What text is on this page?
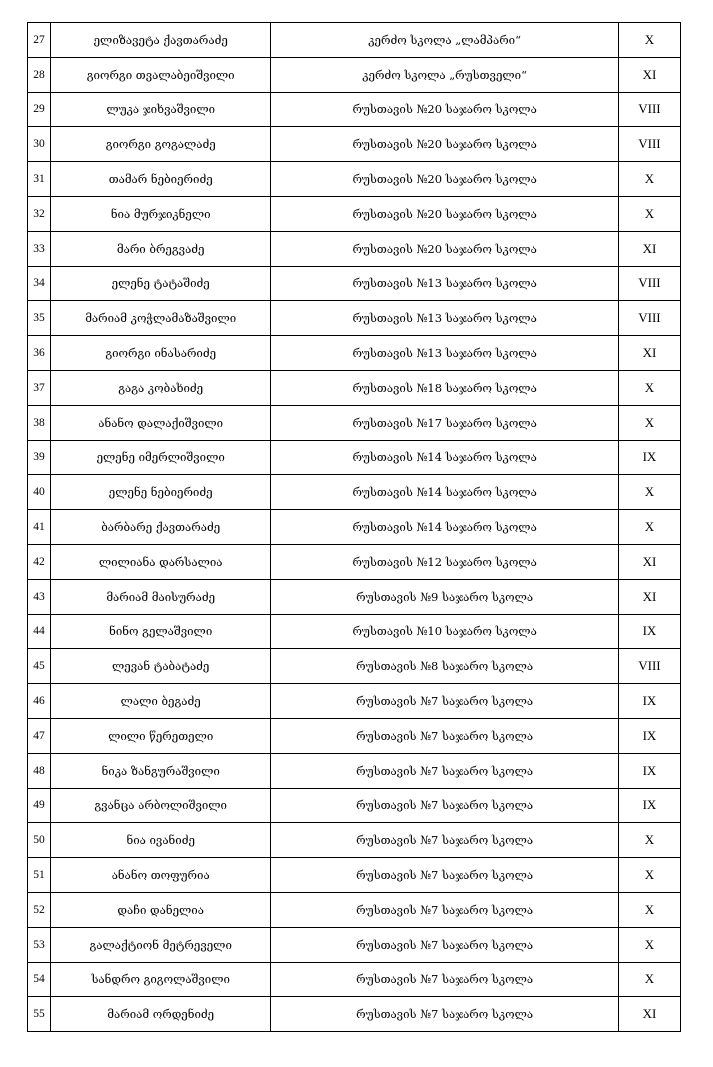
27	ელიზავეტა ქავთარაძე	კერძო სკოლა „ლამპარი“	X
28	გიორგი თვალაბეიშვილი	კერძო სკოლა „რუსთველი“	XI
29	ლუკა ჯიხვაშვილი	რუსთავის №20 საჯარო სკოლა	VIII
30	გიორგი გოგალაძე	რუსთავის №20 საჯარო სკოლა	VIII
31	თამარ ნებიერიძე	რუსთავის №20 საჯარო სკოლა	X
32	ნია მურჯიკნელი	რუსთავის №20 საჯარო სკოლა	X
33	მარი ბრეგვაძე	რუსთავის №20 საჯარო სკოლა	XI
34	ელენე ტატაშიძე	რუსთავის №13 საჯარო სკოლა	VIII
35	მარიამ კოჭლამაზაშვილი	რუსთავის №13 საჯარო სკოლა	VIII
36	გიორგი ინასარიძე	რუსთავის №13 საჯარო სკოლა	XI
37	გაგა კობახიძე	რუსთავის №18 საჯარო სკოლა	X
38	ანანო დალაქიშვილი	რუსთავის №17 საჯარო სკოლა	X
39	ელენე იმერლიშვილი	რუსთავის №14 საჯარო სკოლა	IX
40	ელენე ნებიერიძე	რუსთავის №14 საჯარო სკოლა	X
41	ბარბარე ქავთარაძე	რუსთავის №14 საჯარო სკოლა	X
42	ლილიანა დარსალია	რუსთავის №12 საჯარო სკოლა	XI
43	მარიამ მაისურაძე	რუსთავის №9 საჯარო სკოლა	XI
44	ნინო გელაშვილი	რუსთავის №10 საჯარო სკოლა	IX
45	ლევან ტაბატაძე	რუსთავის №8 საჯარო სკოლა	VIII
46	ლალი ბეგაძე	რუსთავის №7 საჯარო სკოლა	IX
47	ლილი წერეთელი	რუსთავის №7 საჯარო სკოლა	IX
48	ნიკა ზანგურაშვილი	რუსთავის №7 საჯარო სკოლა	IX
49	გვანცა არბოლიშვილი	რუსთავის №7 საჯარო სკოლა	IX
50	ნია ივანიძე	რუსთავის №7 საჯარო სკოლა	X
51	ანანო თოფურია	რუსთავის №7 საჯარო სკოლა	X
52	დაჩი დანელია	რუსთავის №7 საჯარო სკოლა	X
53	გალაქტიონ მეტრეველი	რუსთავის №7 საჯარო სკოლა	X
54	სანდრო გიგოლაშვილი	რუსთავის №7 საჯარო სკოლა	X
55	მარიამ ორდენიძე	რუსთავის №7 საჯარო სკოლა	XI
